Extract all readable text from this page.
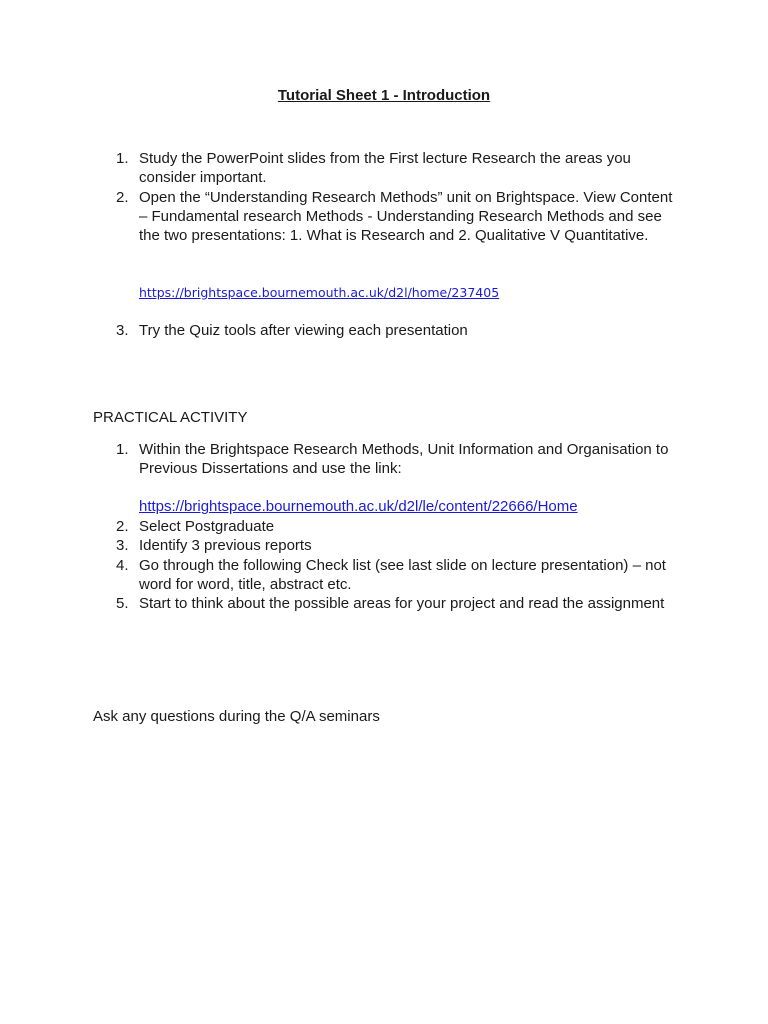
Tutorial Sheet 1 - Introduction
1. Study the PowerPoint slides from the First lecture Research the areas you consider important.
2. Open the “Understanding Research Methods” unit on Brightspace. View Content – Fundamental research Methods - Understanding Research Methods and see the two presentations: 1. What is Research and 2. Qualitative V Quantitative.
https://brightspace.bournemouth.ac.uk/d2l/home/237405
3. Try the Quiz tools after viewing each presentation
PRACTICAL ACTIVITY
1. Within the Brightspace Research Methods, Unit Information and Organisation to Previous Dissertations and use the link:
https://brightspace.bournemouth.ac.uk/d2l/le/content/22666/Home
2. Select Postgraduate
3. Identify 3 previous reports
4. Go through the following Check list (see last slide on lecture presentation) – not word for word, title, abstract etc.
5. Start to think about the possible areas for your project and read the assignment
Ask any questions during the Q/A seminars
